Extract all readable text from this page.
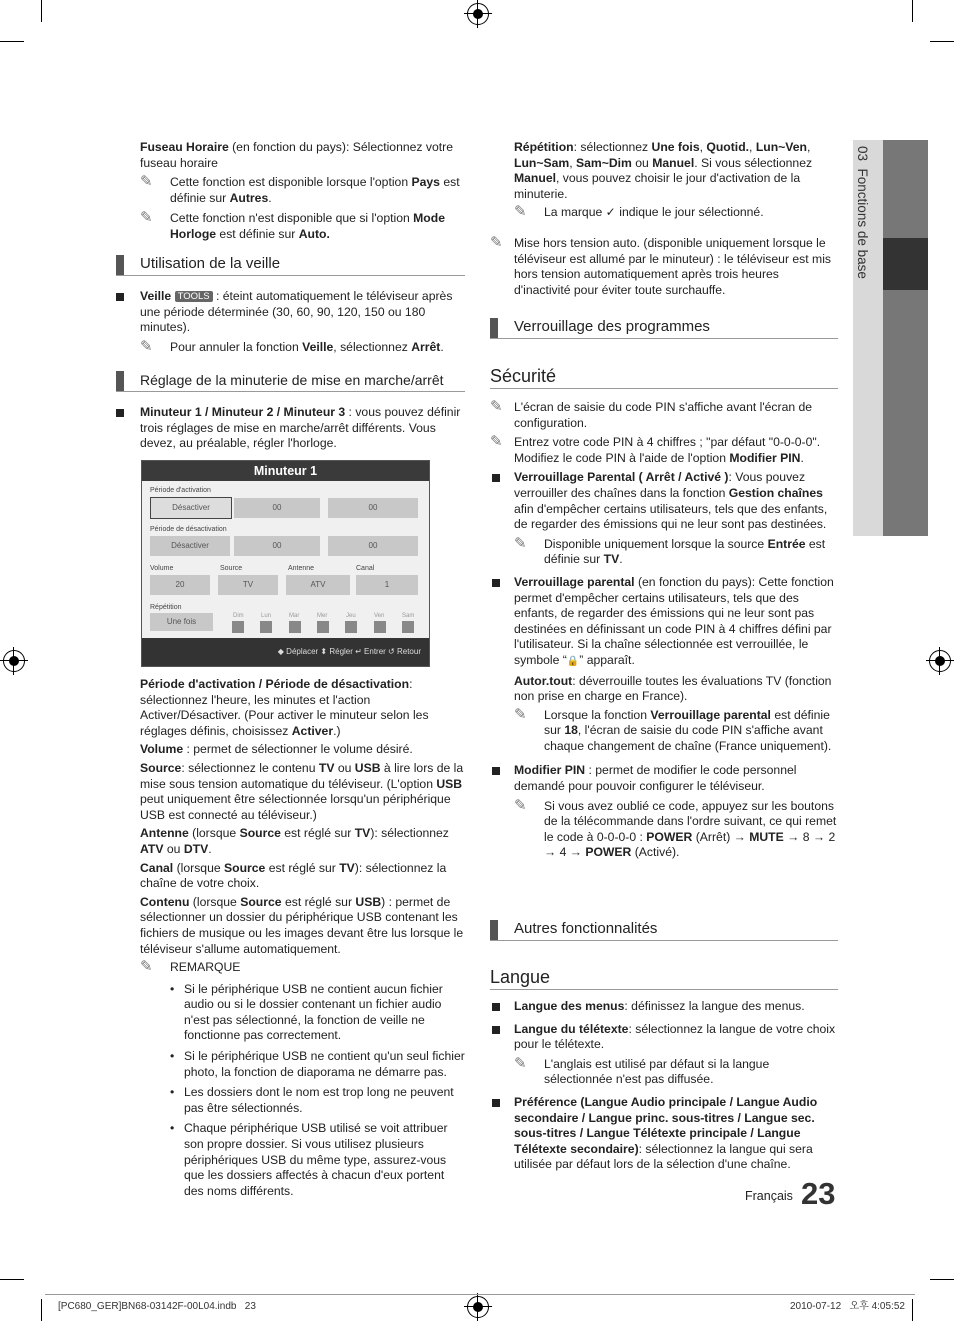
03  Fonctions de base

Fuseau Horaire (en fonction du pays): Sélectionnez votre fuseau horaire

✎ Cette fonction est disponible lorsque l'option Pays est définie sur Autres.

✎ Cette fonction n'est disponible que si l'option Mode Horloge est définie sur Auto.

Utilisation de la veille

Veille TOOLS : éteint automatiquement le téléviseur après une période déterminée (30, 60, 90, 120, 150 ou 180 minutes).

✎	Pour annuler la fonction Veille, sélectionnez Arrêt.

Réglage de la minuterie de mise en marche/arrêt

Minuteur 1 / Minuteur 2 / Minuteur 3 : vous pouvez définir trois réglages de mise en marche/arrêt différents. Vous devez, au préalable, régler l'horloge.

Minuteur 1
Période d'activation
Désactiver	00	00
Période de désactivation
Désactiver	00	00
Volume	Source	Antenne	Canal
20	TV	ATV	1
Répétition
Une fois
Dim	Lun	Mar	Mer	Jeu	Ven	Sam
◆ Déplacer ⬍ Régler ↵ Entrer ↺ Retour

Période d'activation / Période de désactivation: sélectionnez l'heure, les minutes et l'action Activer/Désactiver. (Pour activer le minuteur selon les réglages définis, choisissez Activer.)

Volume : permet de sélectionner le volume désiré.

Source: sélectionnez le contenu TV ou USB à lire lors de la mise sous tension automatique du téléviseur. (L'option USB peut uniquement être sélectionnée lorsqu'un périphérique USB est connecté au téléviseur.)

Antenne (lorsque Source est réglé sur TV): sélectionnez ATV ou DTV.

Canal (lorsque Source est réglé sur TV): sélectionnez la chaîne de votre choix.

Contenu (lorsque Source est réglé sur USB) : permet de sélectionner un dossier du périphérique USB contenant les fichiers de musique ou les images devant être lus lorsque le téléviseur s'allume automatiquement.

✎ REMARQUE

• Si le périphérique USB ne contient aucun fichier audio ou si le dossier contenant un fichier audio n'est pas sélectionné, la fonction de veille ne fonctionne pas correctement.

• Si le périphérique USB ne contient qu'un seul fichier photo, la fonction de diaporama ne démarre pas.

• Les dossiers dont le nom est trop long ne peuvent pas être sélectionnés.

• Chaque périphérique USB utilisé se voit attribuer son propre dossier. Si vous utilisez plusieurs périphériques USB du même type, assurez-vous que les dossiers affectés à chacun d'eux portent des noms différents.

Répétition: sélectionnez Une fois, Quotid., Lun~Ven, Lun~Sam, Sam~Dim ou Manuel. Si vous sélectionnez Manuel, vous pouvez choisir le jour d'activation de la minuterie.

✎ La marque ✓ indique le jour sélectionné.

✎ Mise hors tension auto. (disponible uniquement lorsque le téléviseur est allumé par le minuteur) : le téléviseur est mis hors tension automatiquement après trois heures d'inactivité pour éviter toute surchauffe.

Verrouillage des programmes
Sécurité

✎ L'écran de saisie du code PIN s'affiche avant l'écran de configuration.

✎ Entrez votre code PIN à 4 chiffres ; "par défaut "0-0-0-0". Modifiez le code PIN à l'aide de l'option Modifier PIN.

Verrouillage Parental ( Arrêt / Activé ): Vous pouvez verrouiller des chaînes dans la fonction Gestion chaînes afin d'empêcher certains utilisateurs, tels que des enfants, de regarder des émissions qui ne leur sont pas destinées.

✎ Disponible uniquement lorsque la source Entrée est définie sur TV.

Verrouillage parental (en fonction du pays): Cette fonction permet d'empêcher certains utilisateurs, tels que des enfants, de regarder des émissions qui ne leur sont pas destinées en définissant un code PIN à 4 chiffres défini par l'utilisateur. Si la chaîne sélectionnée est verrouillée, le symbole “🔒” apparaît.

Autor.tout: déverrouille toutes les évaluations TV (fonction non prise en charge en France).

✎ Lorsque la fonction Verrouillage parental est définie sur 18, l'écran de saisie du code PIN s'affiche avant chaque changement de chaîne (France uniquement).

Modifier PIN : permet de modifier le code personnel demandé pour pouvoir configurer le téléviseur.

✎ Si vous avez oublié ce code, appuyez sur les boutons de la télécommande dans l'ordre suivant, ce qui remet le code à 0-0-0-0 : POWER (Arrêt) → MUTE → 8 → 2 → 4 → POWER (Activé).

Autres fonctionnalités
Langue

Langue des menus: définissez la langue des menus.

Langue du télétexte: sélectionnez la langue de votre choix pour le télétexte.

✎ L'anglais est utilisé par défaut si la langue sélectionnée n'est pas diffusée.

Préférence (Langue Audio principale / Langue Audio secondaire / Langue princ. sous-titres / Langue sec. sous-titres / Langue Télétexte principale / Langue Télétexte secondaire): sélectionnez la langue qui sera utilisée par défaut lors de la sélection d'une chaîne.

Français 23
[PC680_GER]BN68-03142F-00L04.indb   23	2010-07-12   오후 4:05:52
